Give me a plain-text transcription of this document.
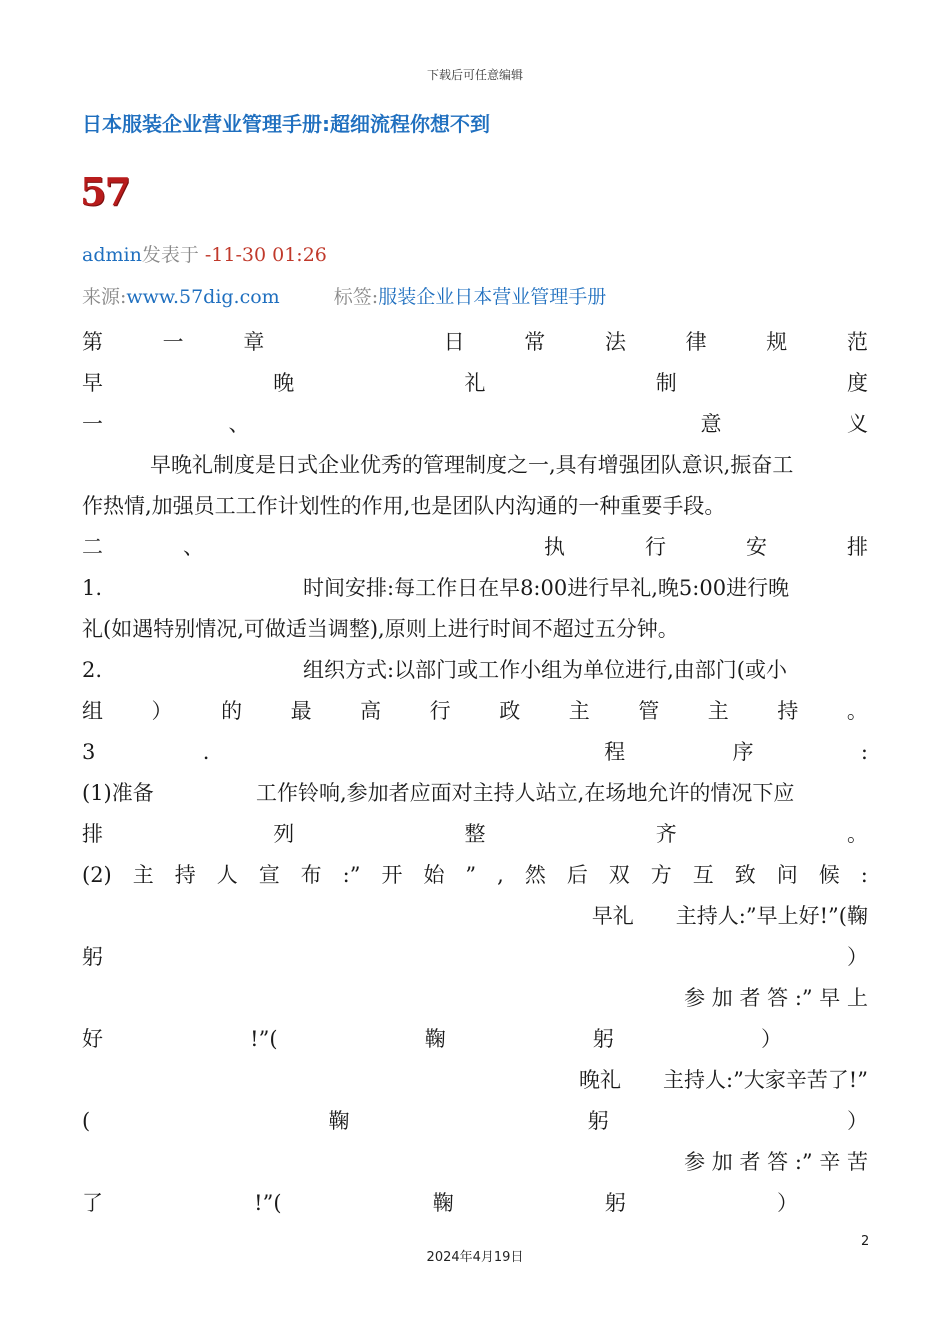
下载后可任意编辑
日本服装企业营业管理手册:超细流程你想不到
57
admin发表于 -11-30 01:26
来源:www.57dig.com	标签:服装企业日本营业管理手册
第	一	章	日	常	法	律	规	范
早	晚	礼	制	度
一	、	意	义
早晚礼制度是日式企业优秀的管理制度之一,具有增强团队意识,振奋工
作热情,加强员工工作计划性的作用,也是团队内沟通的一种重要手段。
二	、	执	行	安	排
1.	时间安排:每工作日在早8:00进行早礼,晚5:00进行晚
礼(如遇特别情况,可做适当调整),原则上进行时间不超过五分钟。
2.	组织方式:以部门或工作小组为单位进行,由部门(或小
组 ） 的 最 高 行 政 主 管 主 持 。
3	.	程	序	:
(1)准备	工作铃响,参加者应面对主持人站立,在场地允许的情况下应
排	列	整	齐	。
(2) 主 持 人 宣 布 :” 开 始 ” , 然 后 双 方 互 致 问 候 :
早礼　　主持人:”早上好!”(鞠
躬	）
参 加 者 答 :” 早 上
好	!”(	鞠	躬	）
晚礼　　主持人:”大家辛苦了!”
(	鞠	躬	）
参 加 者 答 :” 辛 苦
了	!”(	鞠	躬	）
2
2024年4月19日
